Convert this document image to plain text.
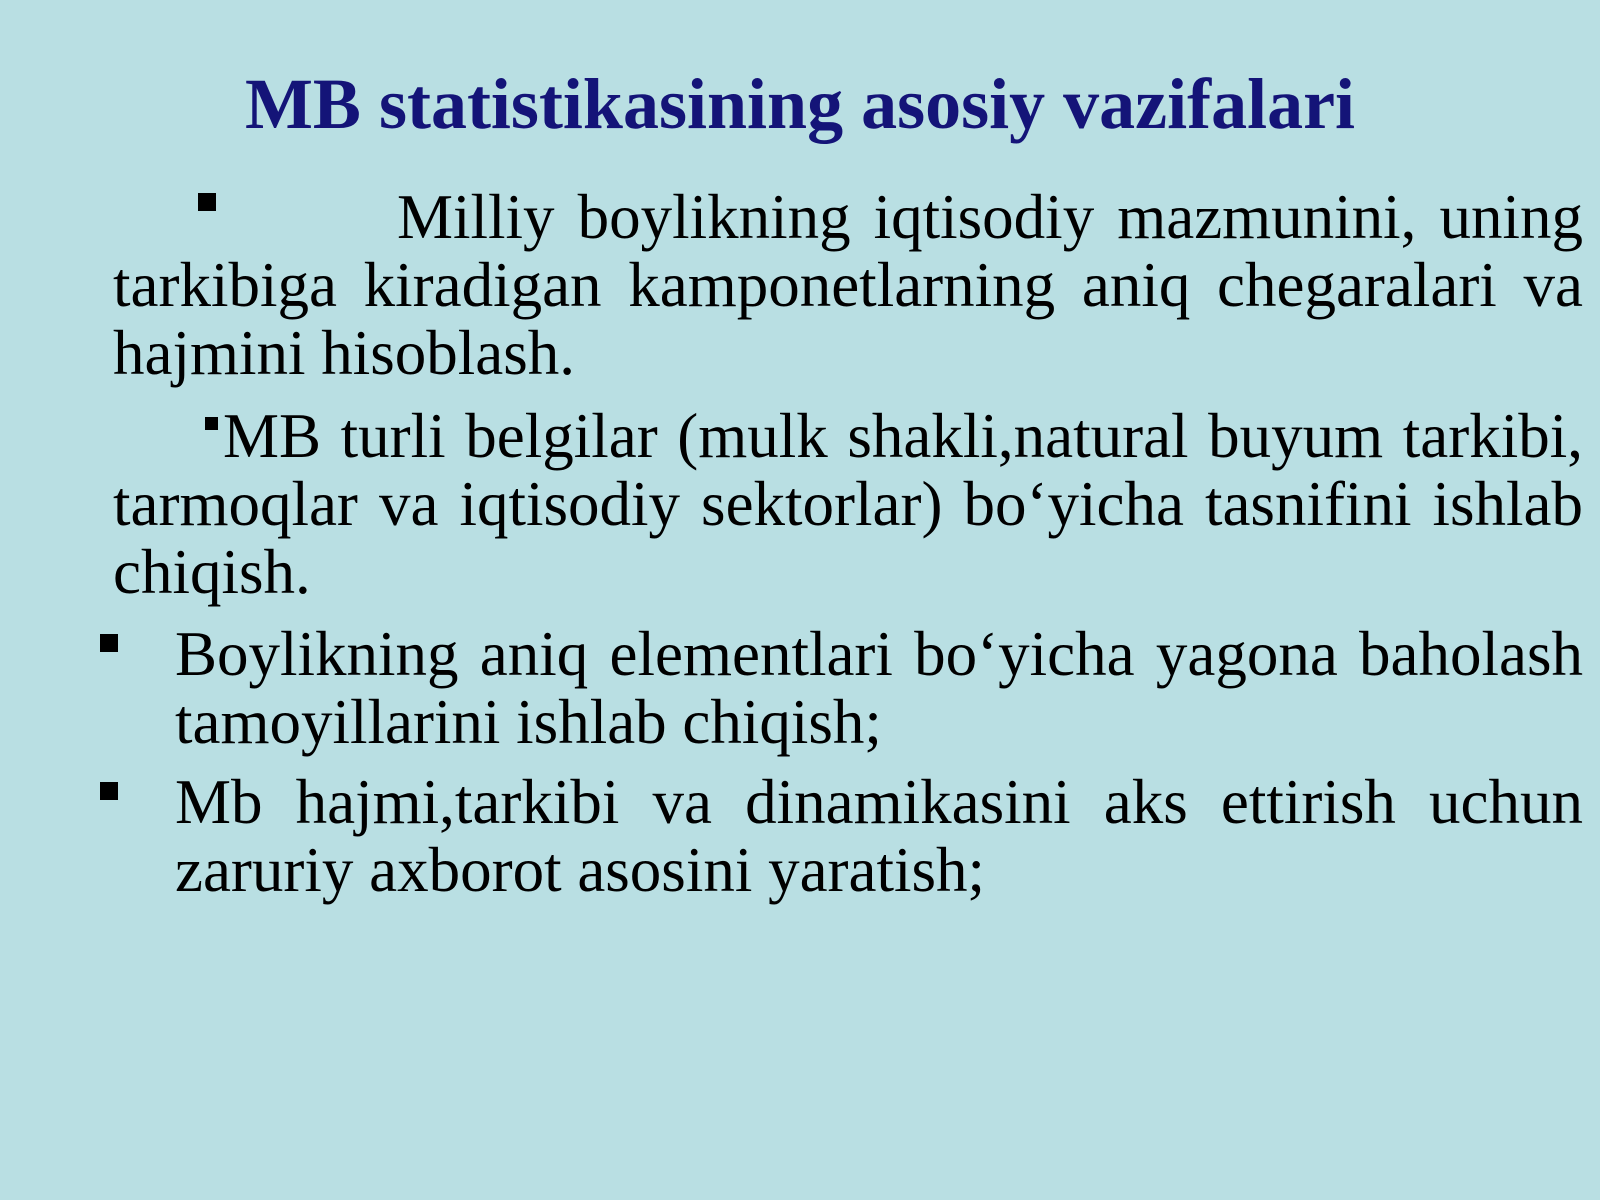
MB statistikasining asosiy vazifalari

Milliy boylikning iqtisodiy mazmunini, uning tarkibiga kiradigan kamponetlarning aniq chegaralari va hajmini hisoblash.

MB turli belgilar (mulk shakli,natural buyum tarkibi, tarmoqlar va iqtisodiy sektorlar) bo‘yicha tasnifini ishlab chiqish.

Boylikning aniq elementlari bo‘yicha yagona baholash tamoyillarini ishlab chiqish;

Mb hajmi,tarkibi va dinamikasini aks ettirish uchun zaruriy axborot asosini yaratish;
